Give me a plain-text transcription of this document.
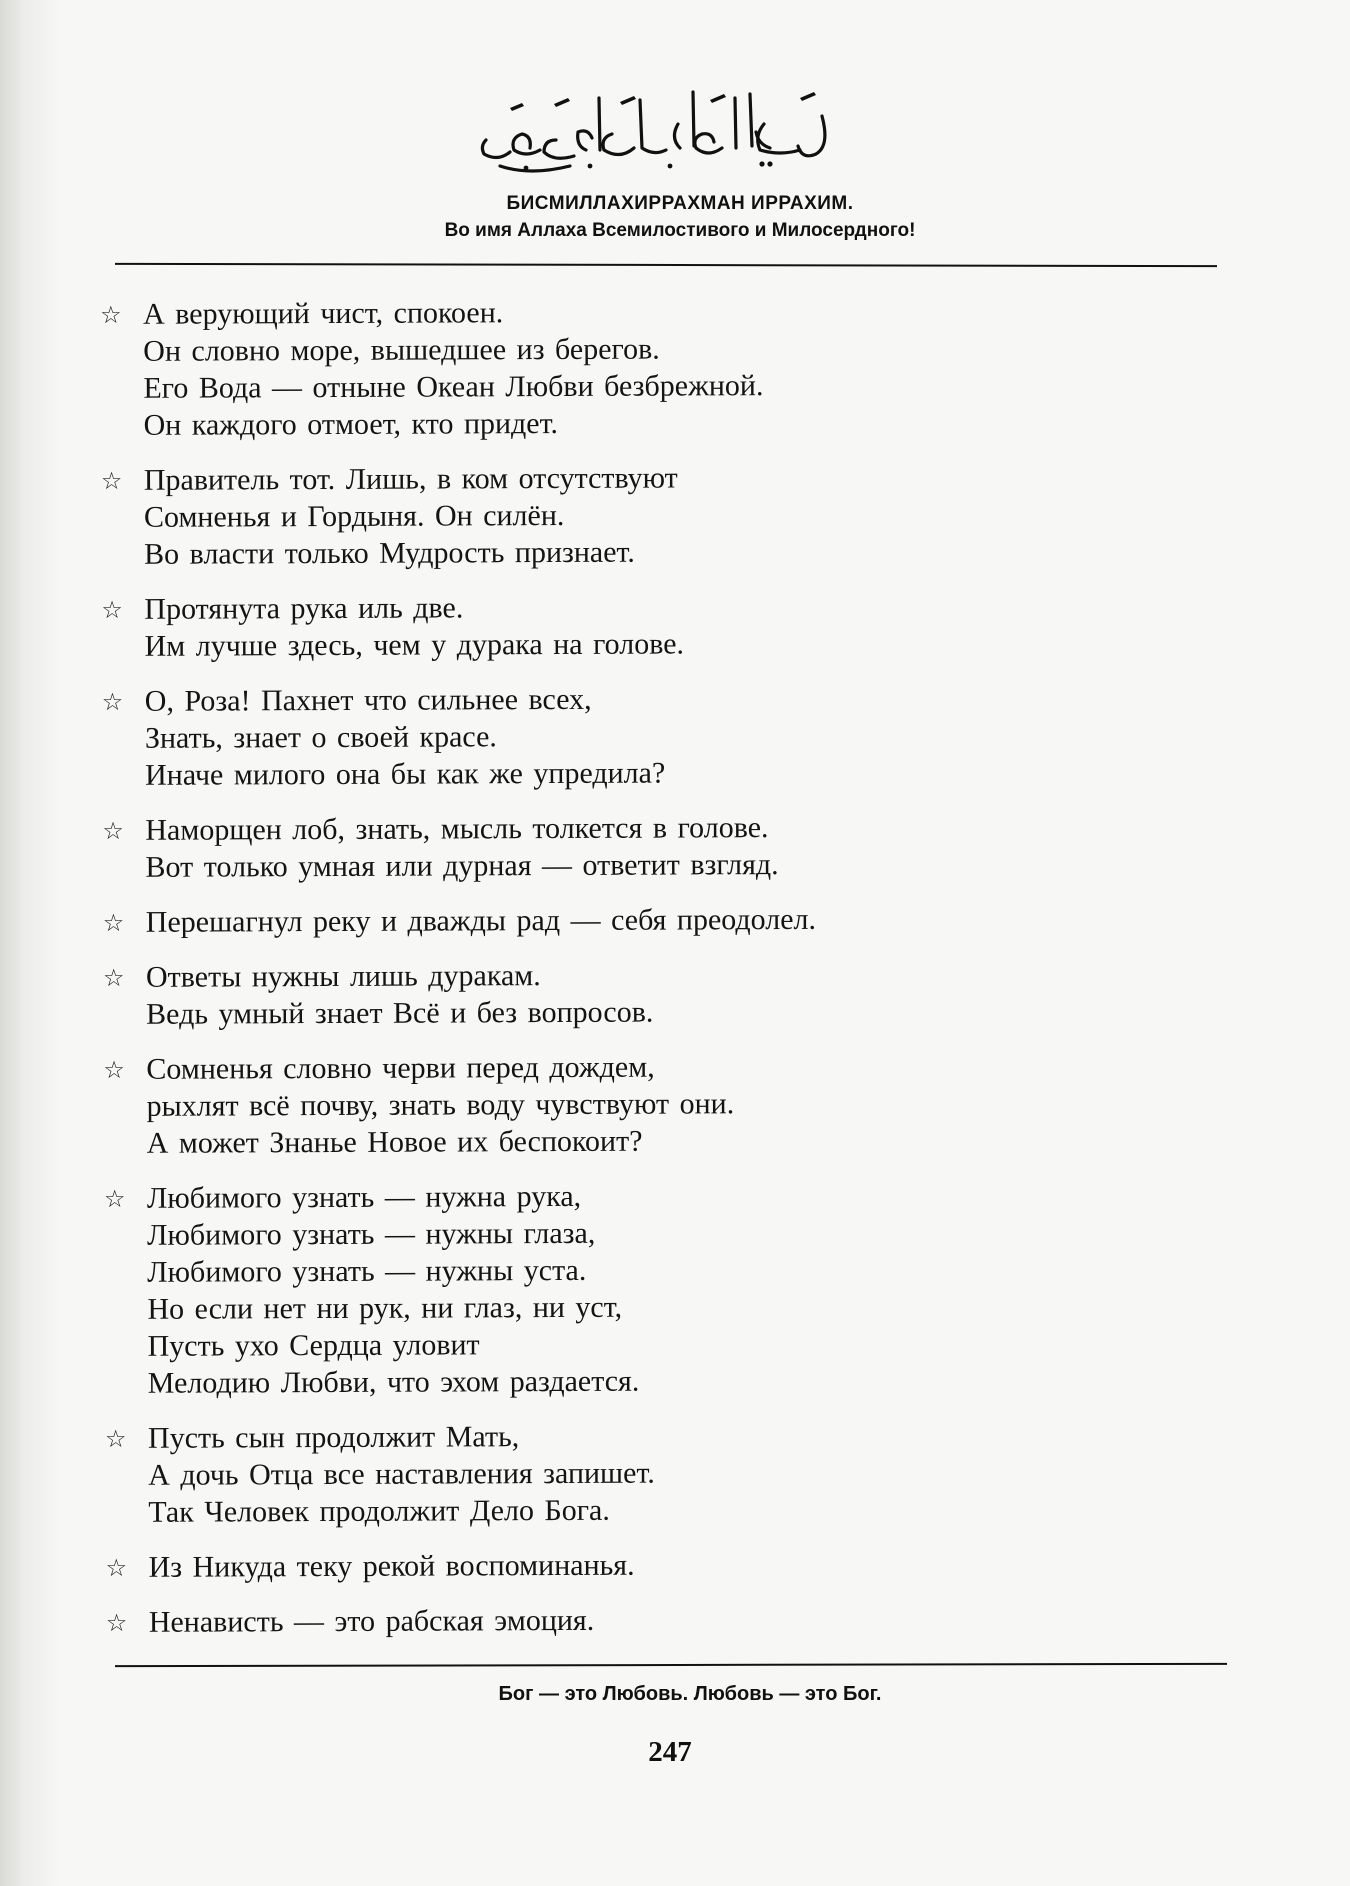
БИСМИЛЛАХИРРАХМАН ИРРАХИМ.
Во имя Аллаха Всемилостивого и Милосердного!
☆ А верующий чист, спокоен.
Он словно море, вышедшее из берегов.
Его Вода — отныне Океан Любви безбрежной.
Он каждого отмоет, кто придет.
☆ Правитель тот. Лишь, в ком отсутствуют
Сомненья и Гордыня. Он силён.
Во власти только Мудрость признает.
☆ Протянута рука иль две.
Им лучше здесь, чем у дурака на голове.
☆ О, Роза! Пахнет что сильнее всех,
Знать, знает о своей красе.
Иначе милого она бы как же упредила?
☆ Наморщен лоб, знать, мысль толкется в голове.
Вот только умная или дурная — ответит взгляд.
☆ Перешагнул реку и дважды рад — себя преодолел.
☆ Ответы нужны лишь дуракам.
Ведь умный знает Всё и без вопросов.
☆ Сомненья словно черви перед дождем,
рыхлят всё почву, знать воду чувствуют они.
А может Знанье Новое их беспокоит?
☆ Любимого узнать — нужна рука,
Любимого узнать — нужны глаза,
Любимого узнать — нужны уста.
Но если нет ни рук, ни глаз, ни уст,
Пусть ухо Сердца уловит
Мелодию Любви, что эхом раздается.
☆ Пусть сын продолжит Мать,
А дочь Отца все наставления запишет.
Так Человек продолжит Дело Бога.
☆ Из Никуда теку рекой воспоминанья.
☆ Ненависть — это рабская эмоция.
Бог — это Любовь. Любовь — это Бог.
247
